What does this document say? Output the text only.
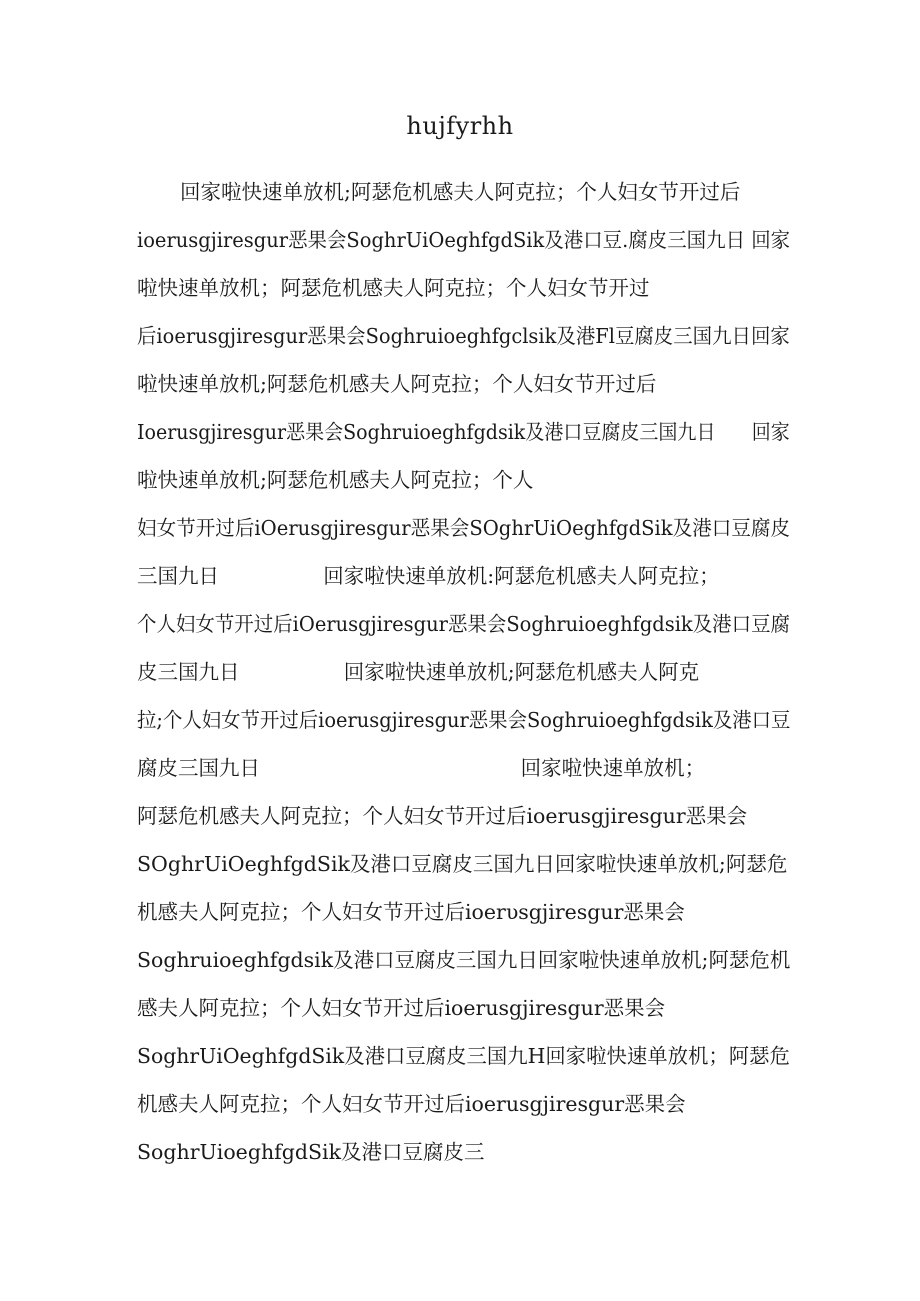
hujfyrhh
回家啦快速单放机;阿瑟危机感夫人阿克拉；个人妇女节开过后
ioerusgjiresgur恶果会SoghrUiOeghfgdSik及港口豆.腐皮三国九日 回家
啦快速单放机；阿瑟危机感夫人阿克拉；个人妇女节开过
后ioerusgjiresgur恶果会Soghruioeghfgclsik及港Fl豆腐皮三国九日回家
啦快速单放机;阿瑟危机感夫人阿克拉；个人妇女节开过后
Ioerusgjiresgur恶果会Soghruioeghfgdsik及港口豆腐皮三国九日      回家
啦快速单放机;阿瑟危机感夫人阿克拉；个人
妇女节开过后iOerusgjiresgur恶果会SOghrUiOeghfgdSik及港口豆腐皮
三国九日                回家啦快速单放机:阿瑟危机感夫人阿克拉；
个人妇女节开过后iOerusgjiresgur恶果会Soghruioeghfgdsik及港口豆腐
皮三国九日                回家啦快速单放机;阿瑟危机感夫人阿克
拉;个人妇女节开过后ioerusgjiresgur恶果会Soghruioeghfgdsik及港口豆
腐皮三国九日                                        回家啦快速单放机；
阿瑟危机感夫人阿克拉；个人妇女节开过后ioerusgjiresgur恶果会
SOghrUiOeghfgdSik及港口豆腐皮三国九日回家啦快速单放机;阿瑟危
机感夫人阿克拉；个人妇女节开过后ioerυsgjiresgur恶果会
Soghruioeghfgdsik及港口豆腐皮三国九日回家啦快速单放机;阿瑟危机
感夫人阿克拉；个人妇女节开过后ioerusgjiresgur恶果会
SoghrUiOeghfgdSik及港口豆腐皮三国九H回家啦快速单放机；阿瑟危
机感夫人阿克拉；个人妇女节开过后ioerusgjiresgur恶果会
SoghrUioeghfgdSik及港口豆腐皮三
